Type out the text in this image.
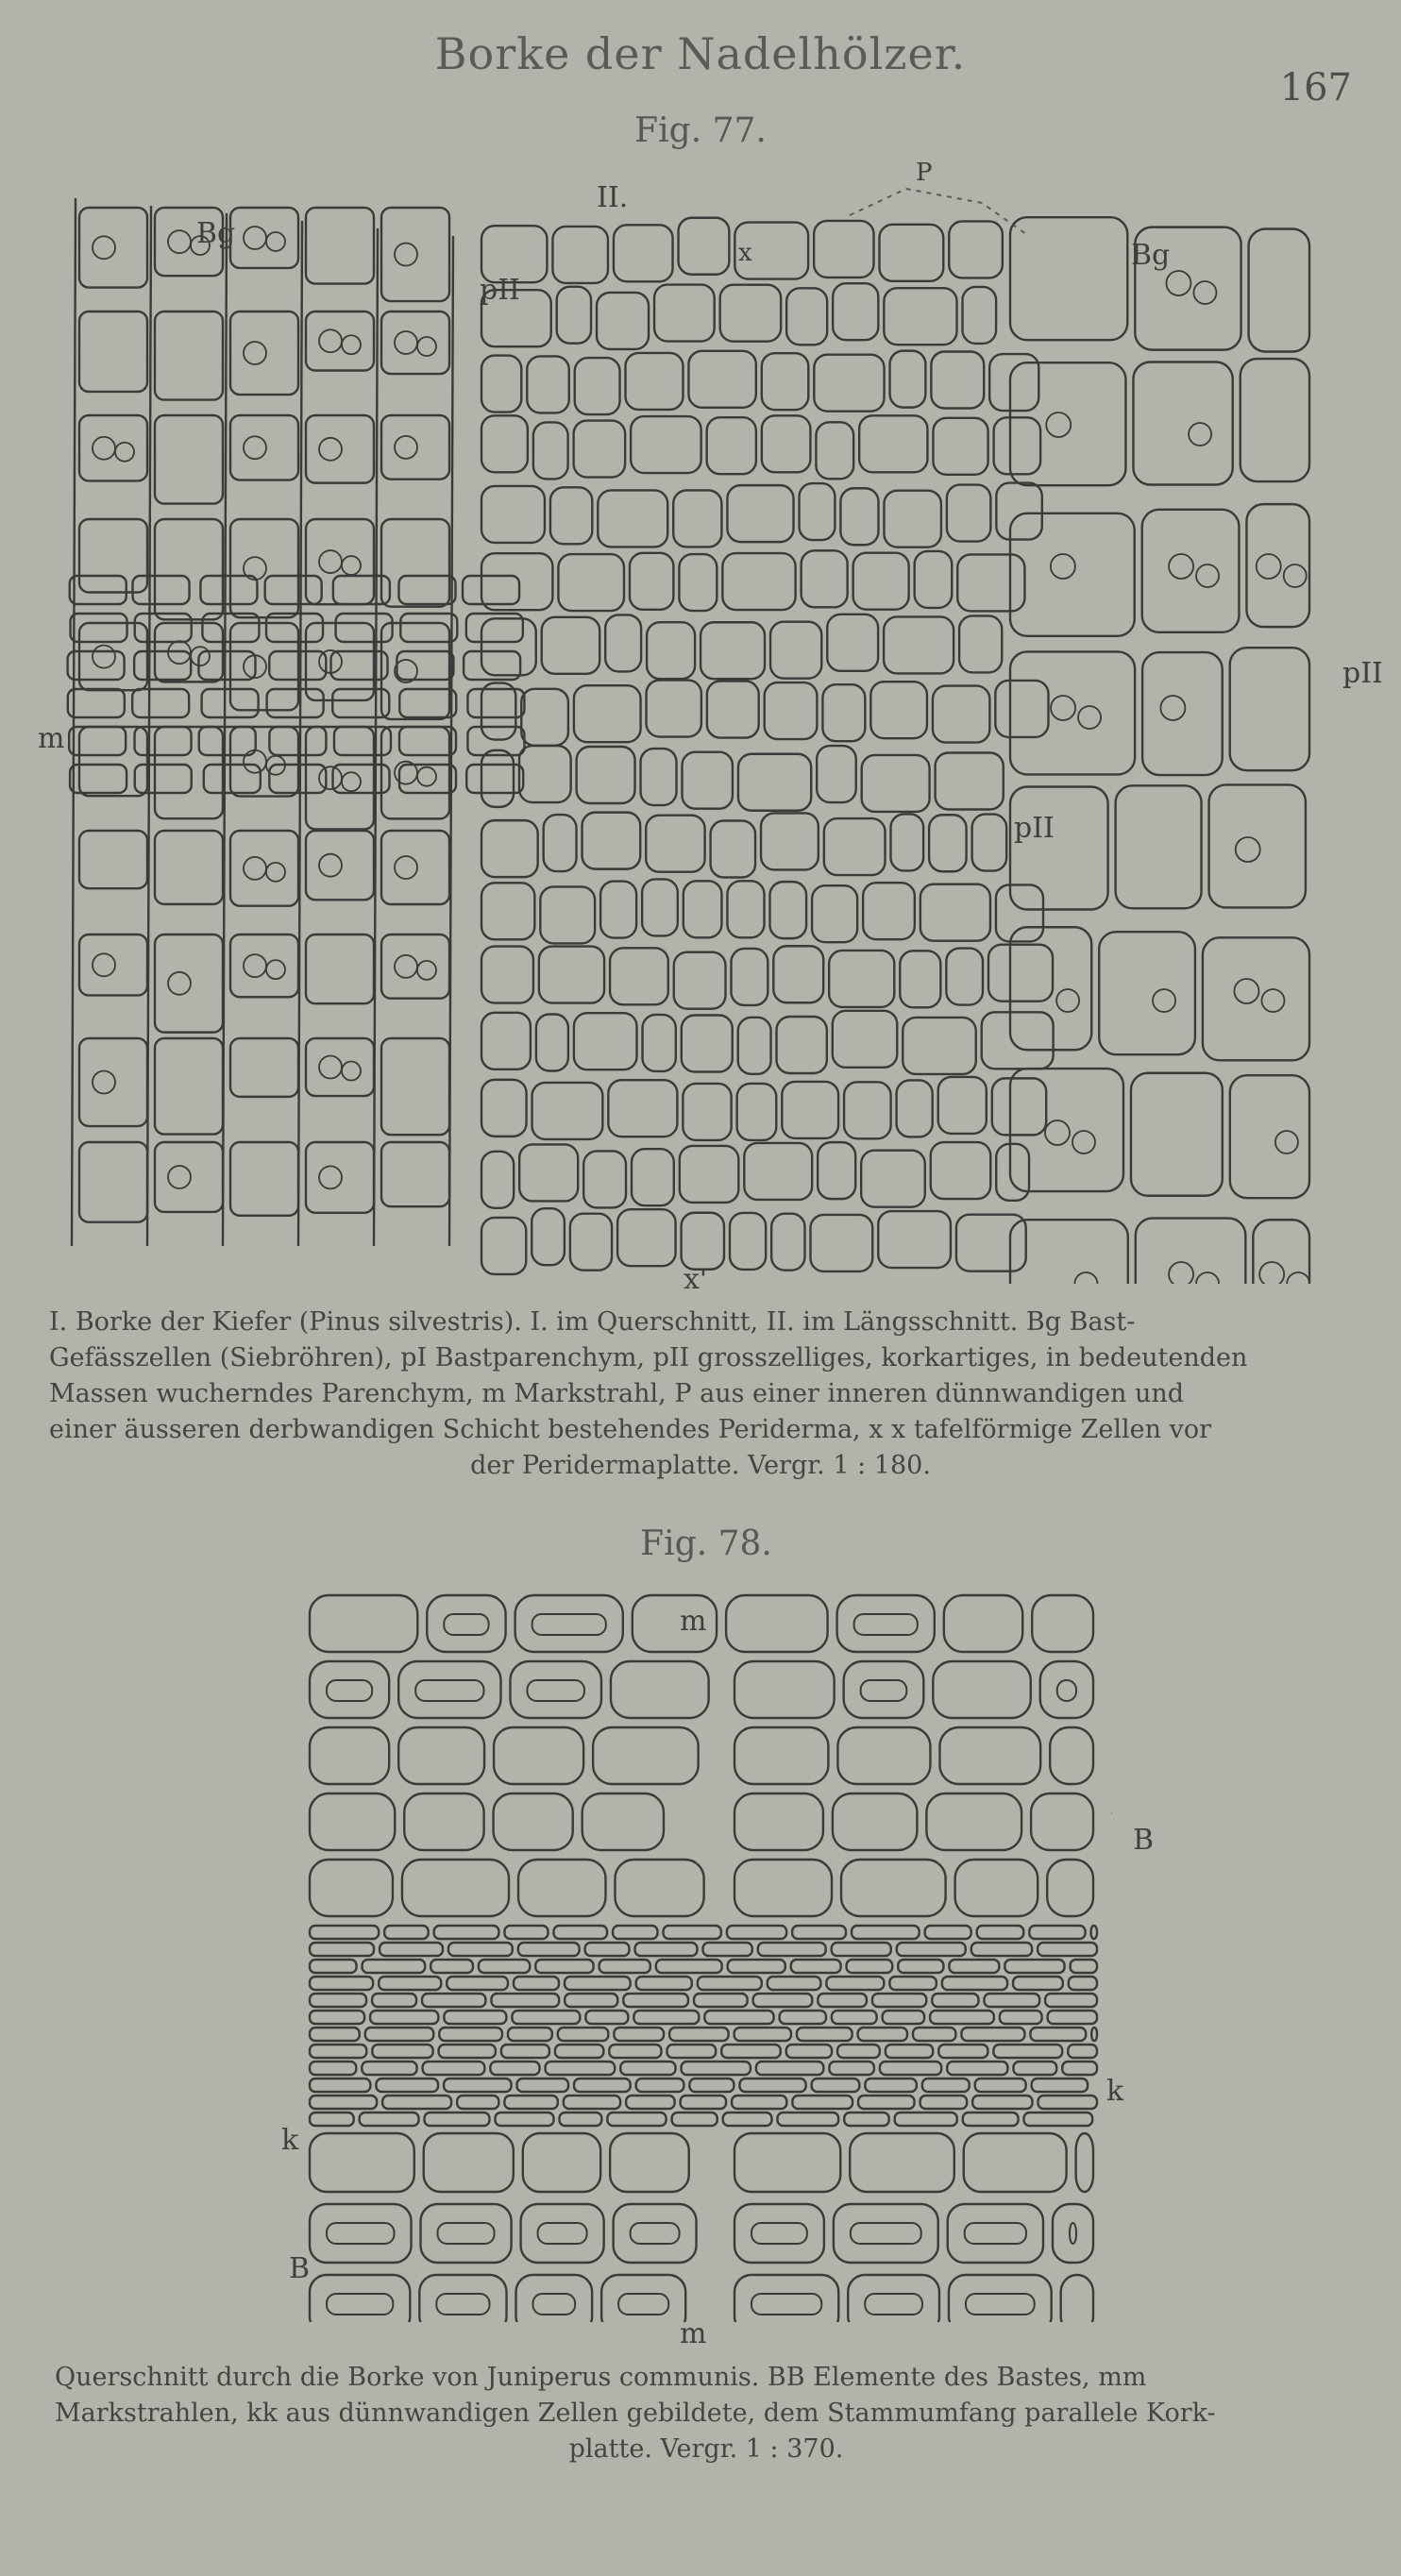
Borke der Nadelhölzer.
167
Fig. 77.
II.
P
Bg
Bg
x
pII
m
pII
pII
x'
I. Borke der Kiefer (Pinus silvestris). I. im Querschnitt, II. im Längsschnitt. Bg Bast-
Gefässzellen (Siebröhren), pI Bastparenchym, pII grosszelliges, korkartiges, in bedeutenden
Massen wucherndes Parenchym, m Markstrahl, P aus einer inneren dünnwandigen und
einer äusseren derbwandigen Schicht bestehendes Periderma, x x tafelförmige Zellen vor
der Peridermaplatte. Vergr. 1 : 180.
Fig. 78.
m
B
k
k
B
m
Querschnitt durch die Borke von Juniperus communis. BB Elemente des Bastes, mm
Markstrahlen, kk aus dünnwandigen Zellen gebildete, dem Stammumfang parallele Kork-
platte. Vergr. 1 : 370.
